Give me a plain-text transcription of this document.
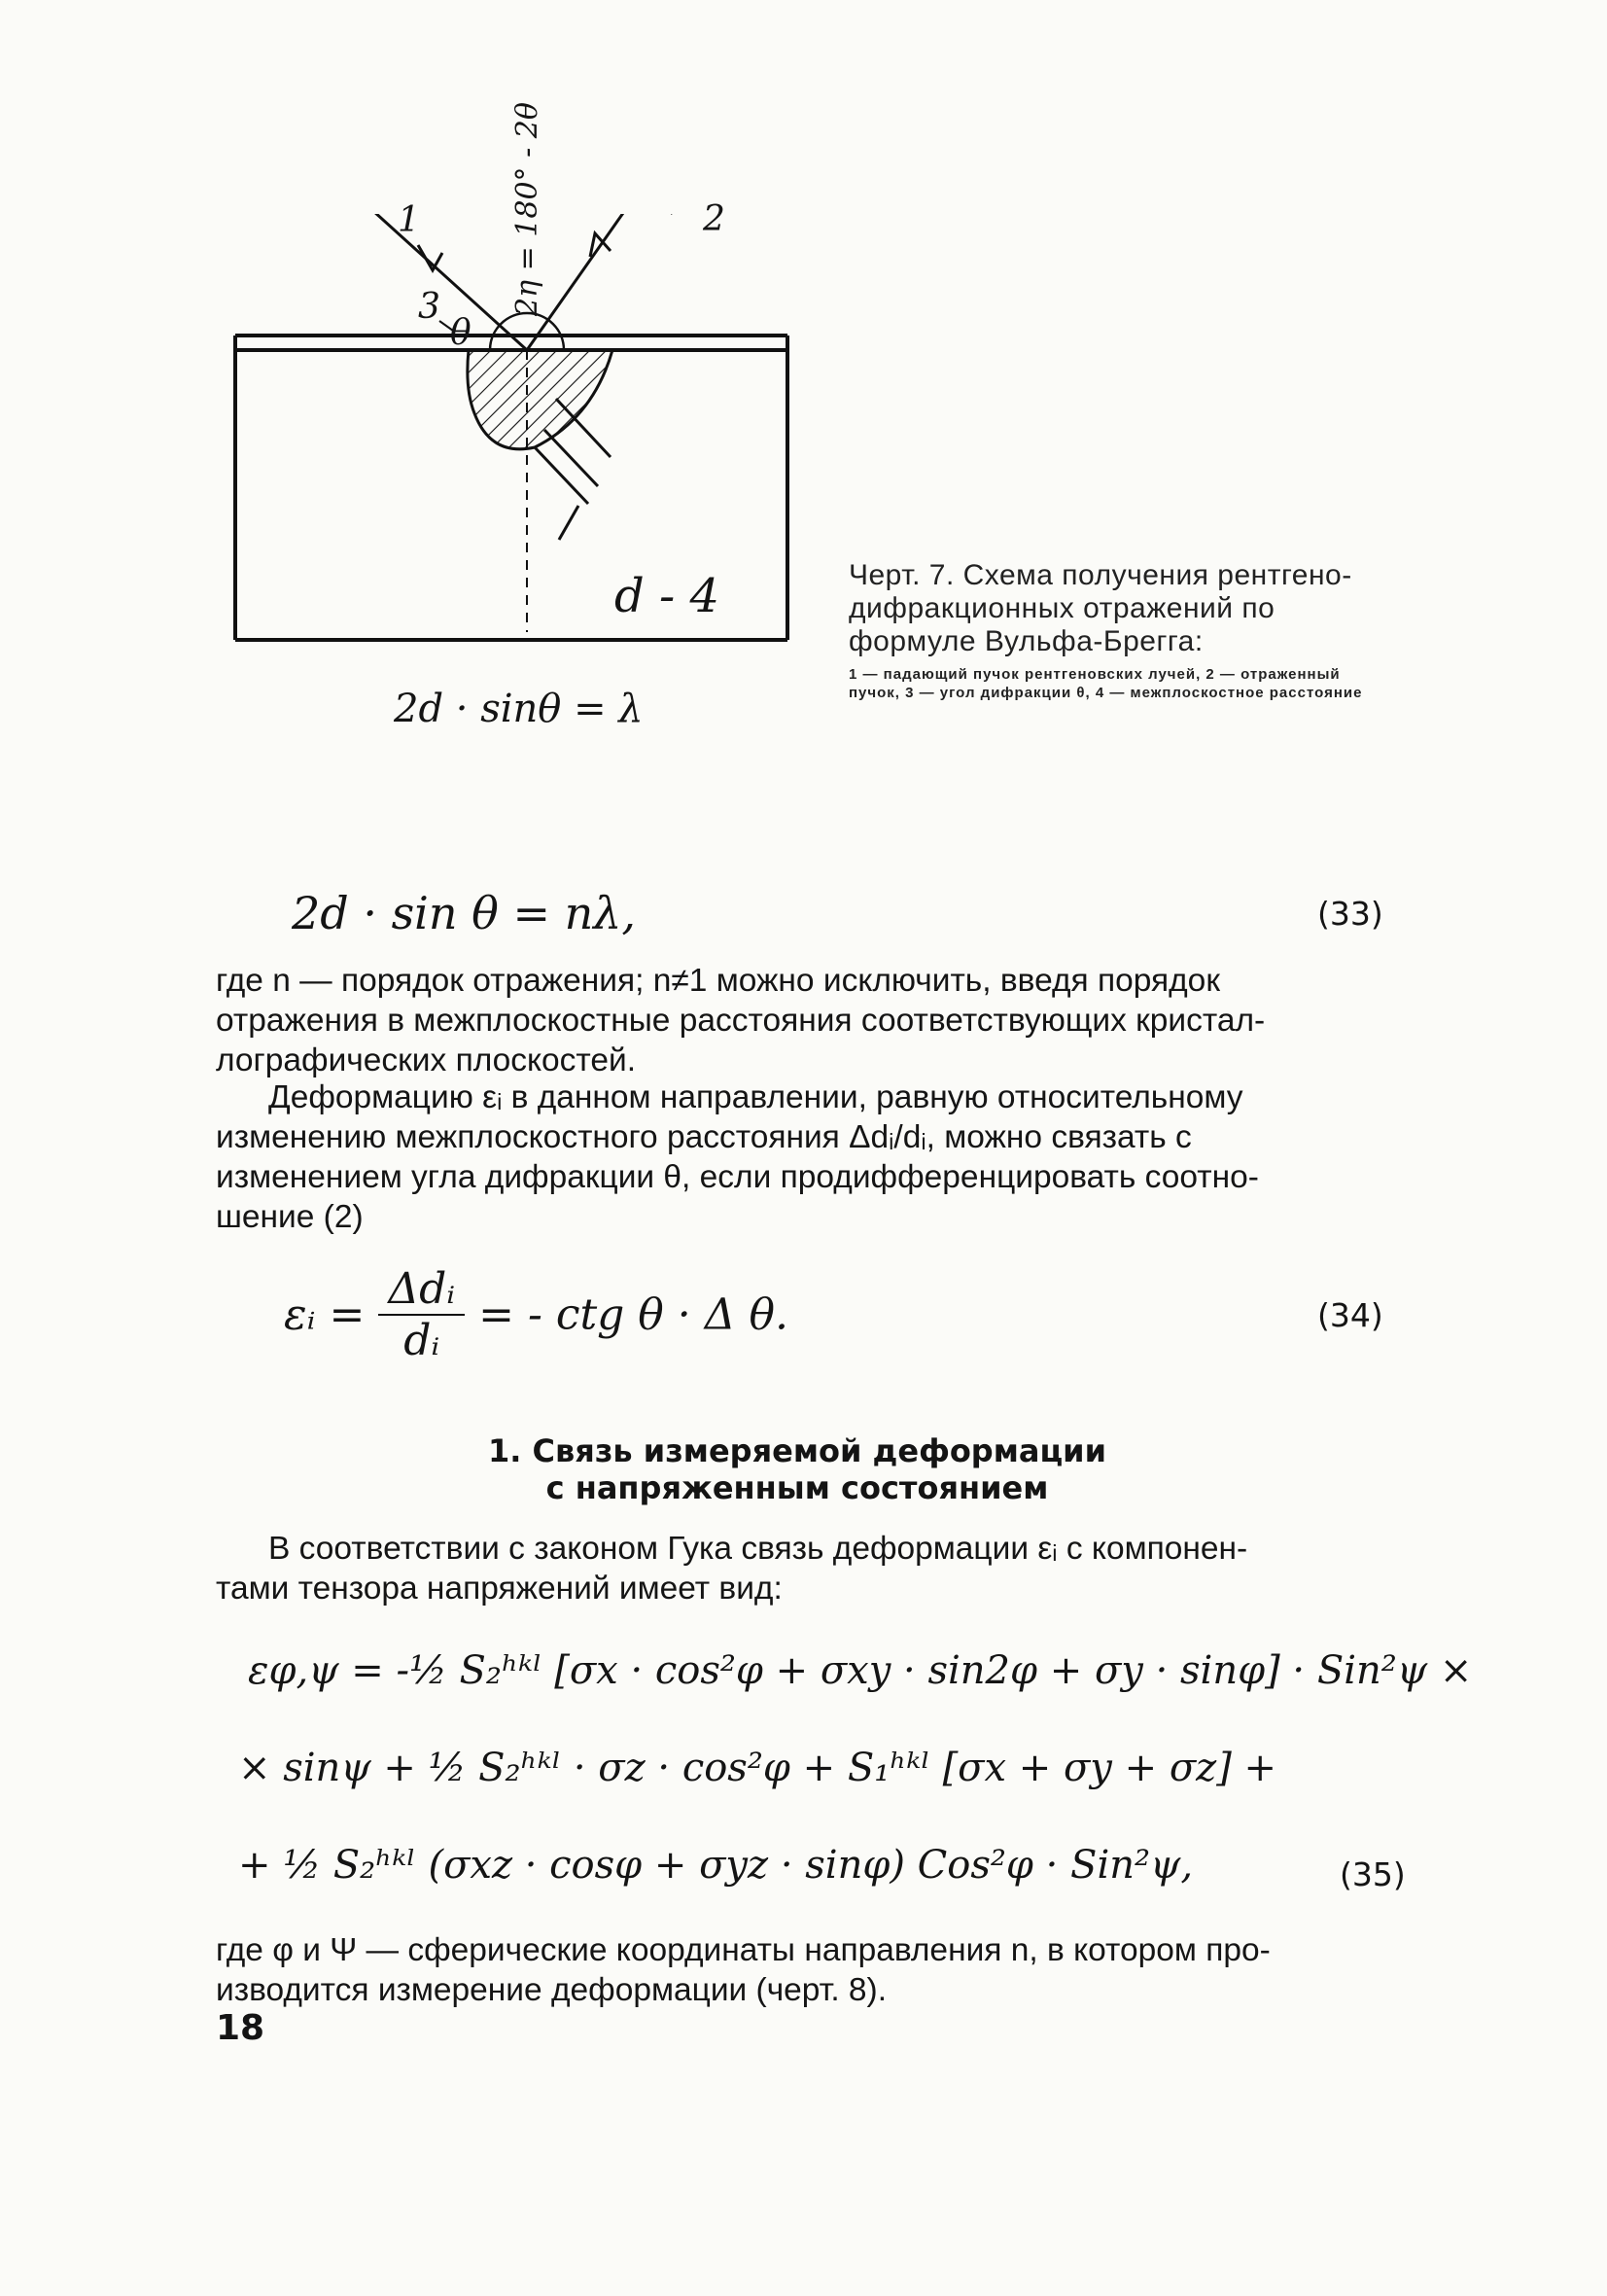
1	2
3
θ
2η = 180° - 2θ
d - 4
2d · sinθ = λ
Черт. 7. Схема получения рентгено-дифракционных отражений по формуле Вульфа-Брегга:
1 — падающий пучок рентгеновских лучей, 2 — отраженный пучок, 3 — угол дифракции θ, 4 — межплоскостное расстояние
2d · sin θ = nλ,	(33)
где n — порядок отражения; n≠1 можно исключить, введя порядок
отражения в межплоскостные расстояния соответствующих кристал-
лографических плоскостей.
Деформацию εᵢ в данном направлении, равную относительному
изменению межплоскостного расстояния Δdᵢ/dᵢ, можно связать с
изменением угла дифракции θ, если продифференцировать соотно-
шение (2)
εᵢ =
Δdᵢ
dᵢ
= - ctg θ · Δ θ.	(34)
1. Связь измеряемой деформации
с напряженным состоянием
В соответствии с законом Гука связь деформации εᵢ с компонен-
тами тензора напряжений имеет вид:
εφ,ψ = -½ S₂ʰᵏˡ [σx · cos²φ + σxy · sin2φ + σy · sinφ] · Sin²ψ ×
× sinψ + ½ S₂ʰᵏˡ · σz · cos²φ + S₁ʰᵏˡ [σx + σy + σz] +
+ ½ S₂ʰᵏˡ (σxz · cosφ + σyz · sinφ) Cos²φ · Sin²ψ,	(35)
где φ и Ψ — сферические координаты направления n, в котором про-
изводится измерение деформации (черт. 8).
18
